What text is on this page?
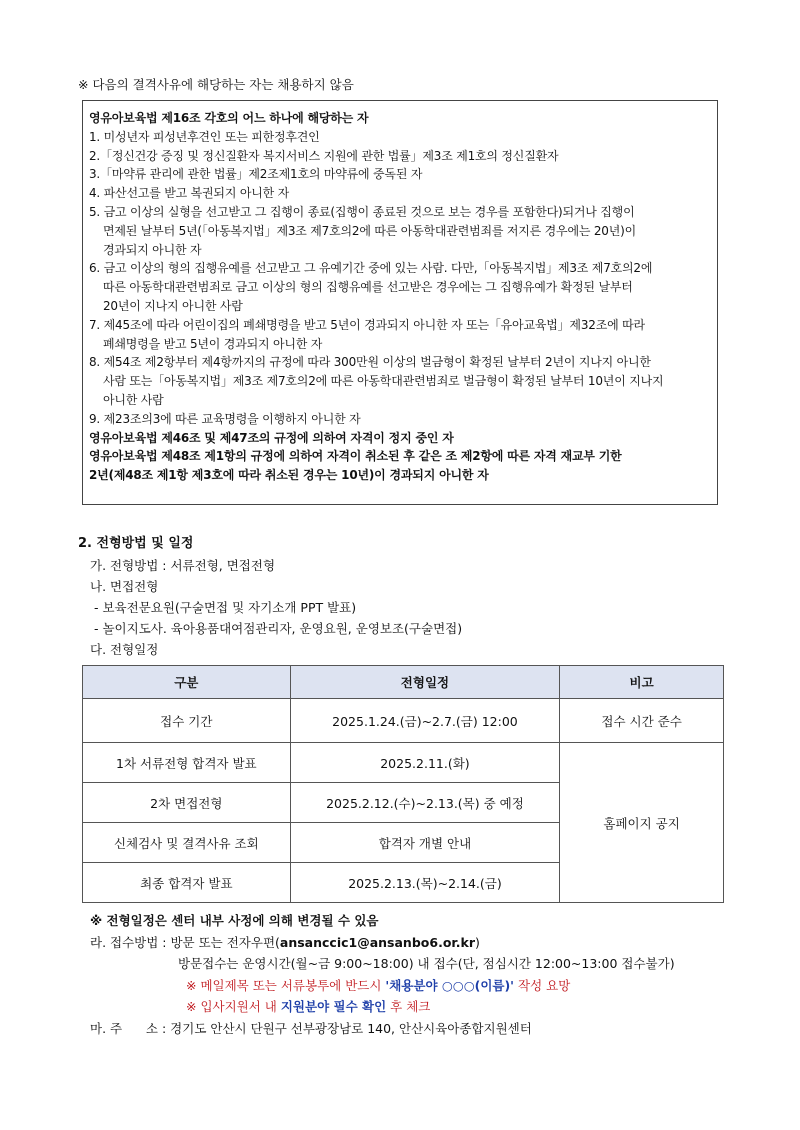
※ 다음의 결격사유에 해당하는 자는 채용하지 않음
영유아보육법 제16조 각호의 어느 하나에 해당하는 자
1. 미성년자 피성년후견인 또는 피한정후견인
2.「정신건강 증징 및 정신질환자 복지서비스 지원에 관한 법률」제3조 제1호의 정신질환자
3.「마약류 관리에 관한 법률」제2조제1호의 마약류에 중독된 자
4. 파산선고를 받고 복권되지 아니한 자
5. 금고 이상의 실형을 선고받고 그 집행이 종료(집행이 종료된 것으로 보는 경우를 포함한다)되거나 집행이
면제된 날부터 5년(「아동복지법」제3조 제7호의2에 따른 아동학대관련범죄를 저지른 경우에는 20년)이
경과되지 아니한 자
6. 금고 이상의 형의 집행유예를 선고받고 그 유예기간 중에 있는 사람. 다만,「아동복지법」제3조 제7호의2에
따른 아동학대관련범죄로 금고 이상의 형의 집행유예를 선고받은 경우에는 그 집행유예가 확정된 날부터
20년이 지나지 아니한 사람
7. 제45조에 따라 어린이집의 폐쇄명령을 받고 5년이 경과되지 아니한 자 또는「유아교육법」제32조에 따라
폐쇄명령을 받고 5년이 경과되지 아니한 자
8. 제54조 제2항부터 제4항까지의 규정에 따라 300만원 이상의 벌금형이 확정된 날부터 2년이 지나지 아니한
사람 또는「아동복지법」제3조 제7호의2에 따른 아동학대관련범죄로 벌금형이 확정된 날부터 10년이 지나지
아니한 사람
9. 제23조의3에 따른 교육명령을 이행하지 아니한 자
영유아보육법 제46조 및 제47조의 규정에 의하여 자격이 정지 중인 자
영유아보육법 제48조 제1항의 규정에 의하여 자격이 취소된 후 같은 조 제2항에 따른 자격 재교부 기한
2년(제48조 제1항 제3호에 따라 취소된 경우는 10년)이 경과되지 아니한 자
2. 전형방법 및 일정
가. 전형방법 : 서류전형, 면접전형
나. 면접전형
- 보육전문요원(구술면접 및 자기소개 PPT 발표)
- 놀이지도사. 육아용품대여점관리자, 운영요원, 운영보조(구술면접)
다. 전형일정
구분	전형일정	비고
접수 기간	2025.1.24.(금)~2.7.(금) 12:00	접수 시간 준수
1차 서류전형 합격자 발표	2025.2.11.(화)	홈페이지 공지
2차 면접전형	2025.2.12.(수)~2.13.(목) 중 예정	
신체검사 및 결격사유 조회	합격자 개별 안내	
최종 합격자 발표	2025.2.13.(목)~2.14.(금)	
※ 전형일정은 센터 내부 사정에 의해 변경될 수 있음
라. 접수방법 : 방문 또는 전자우편(ansanccic1@ansanbo6.or.kr)
방문접수는 운영시간(월~금 9:00~18:00) 내 접수(단, 점심시간 12:00~13:00 접수불가)
※ 메일제목 또는 서류봉투에 반드시 '채용분야 ○○○(이름)' 작성 요망
※ 입사지원서 내 지원분야 필수 확인 후 체크
마. 주      소 : 경기도 안산시 단원구 선부광장남로 140, 안산시육아종합지원센터
